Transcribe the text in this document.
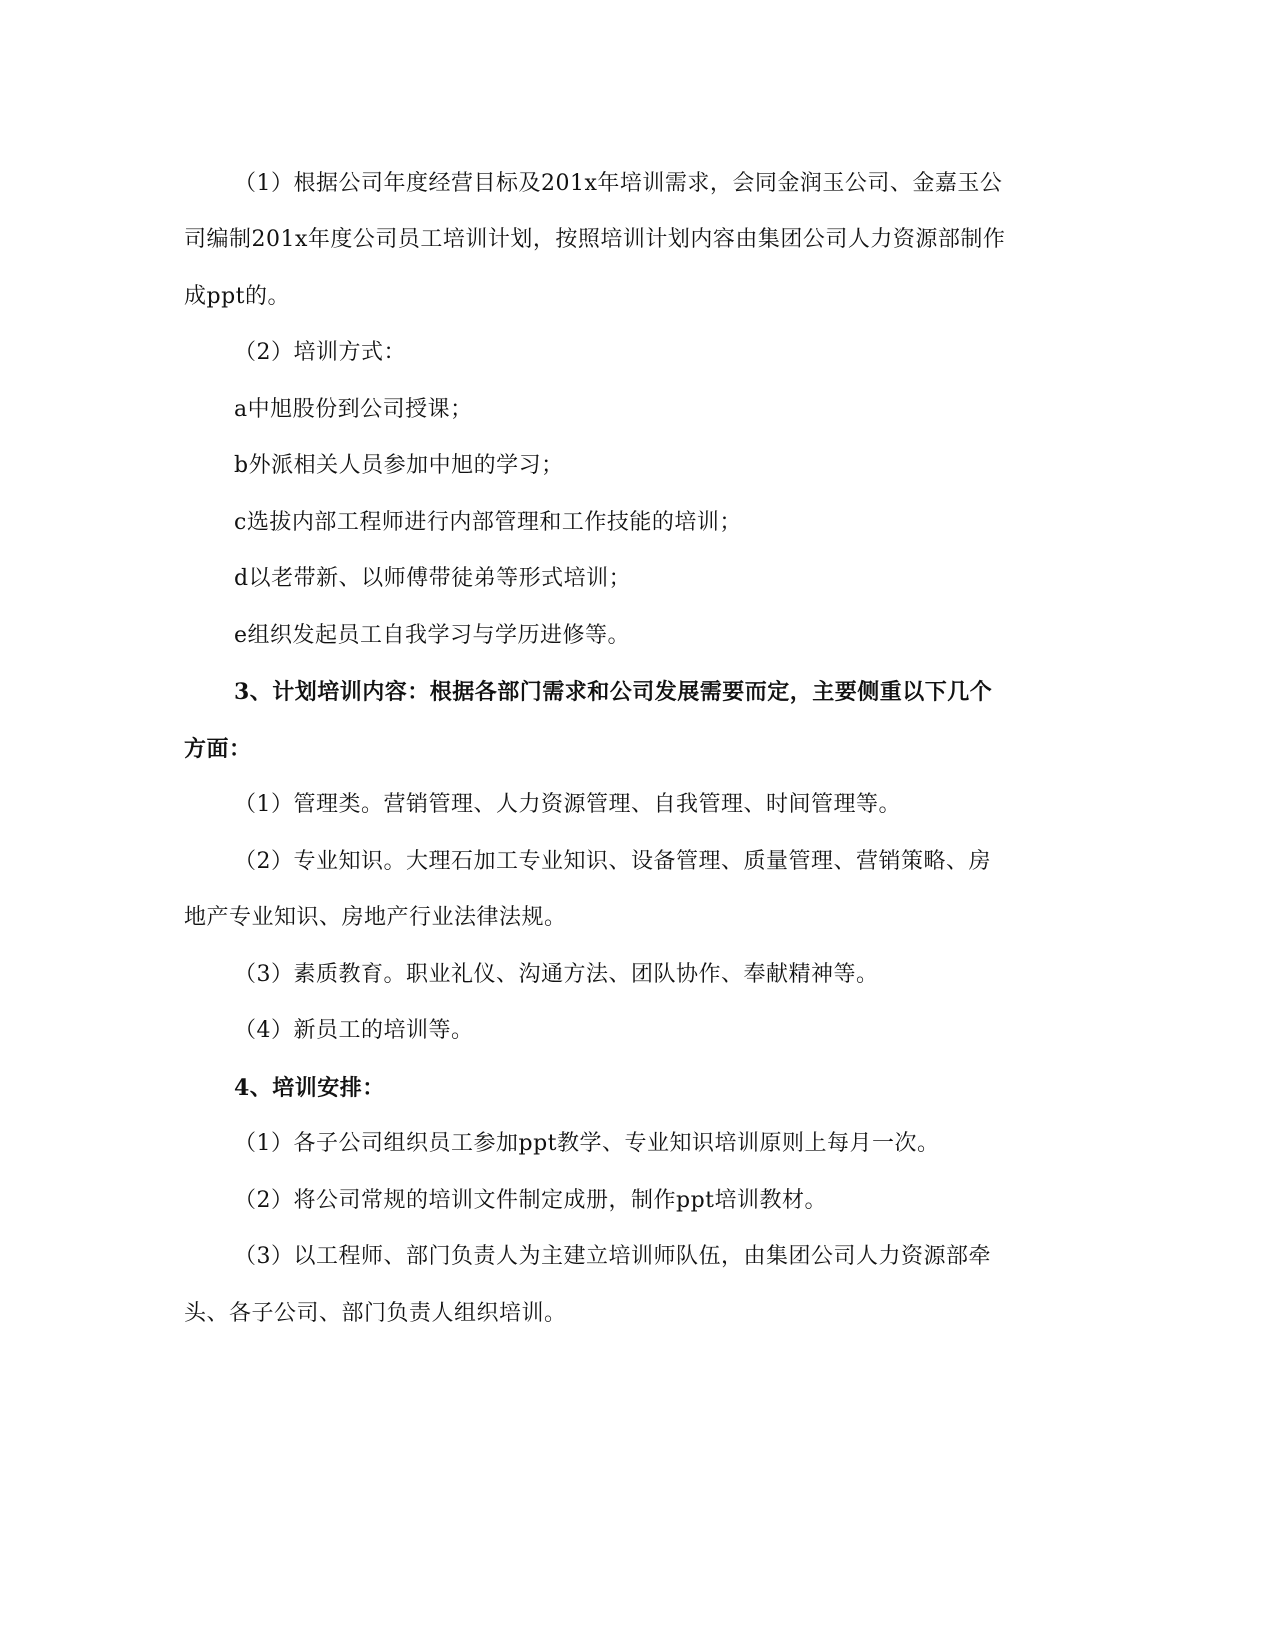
（1）根据公司年度经营目标及201x年培训需求，会同金润玉公司、金嘉玉公
司编制201x年度公司员工培训计划，按照培训计划内容由集团公司人力资源部制作
成ppt的。
（2）培训方式：
a中旭股份到公司授课；
b外派相关人员参加中旭的学习；
c选拔内部工程师进行内部管理和工作技能的培训；
d以老带新、以师傅带徒弟等形式培训；
e组织发起员工自我学习与学历进修等。
3、计划培训内容：根据各部门需求和公司发展需要而定，主要侧重以下几个
方面：
（1）管理类。营销管理、人力资源管理、自我管理、时间管理等。
（2）专业知识。大理石加工专业知识、设备管理、质量管理、营销策略、房
地产专业知识、房地产行业法律法规。
（3）素质教育。职业礼仪、沟通方法、团队协作、奉献精神等。
（4）新员工的培训等。
4、培训安排：
（1）各子公司组织员工参加ppt教学、专业知识培训原则上每月一次。
（2）将公司常规的培训文件制定成册，制作ppt培训教材。
（3）以工程师、部门负责人为主建立培训师队伍，由集团公司人力资源部牵
头、各子公司、部门负责人组织培训。
